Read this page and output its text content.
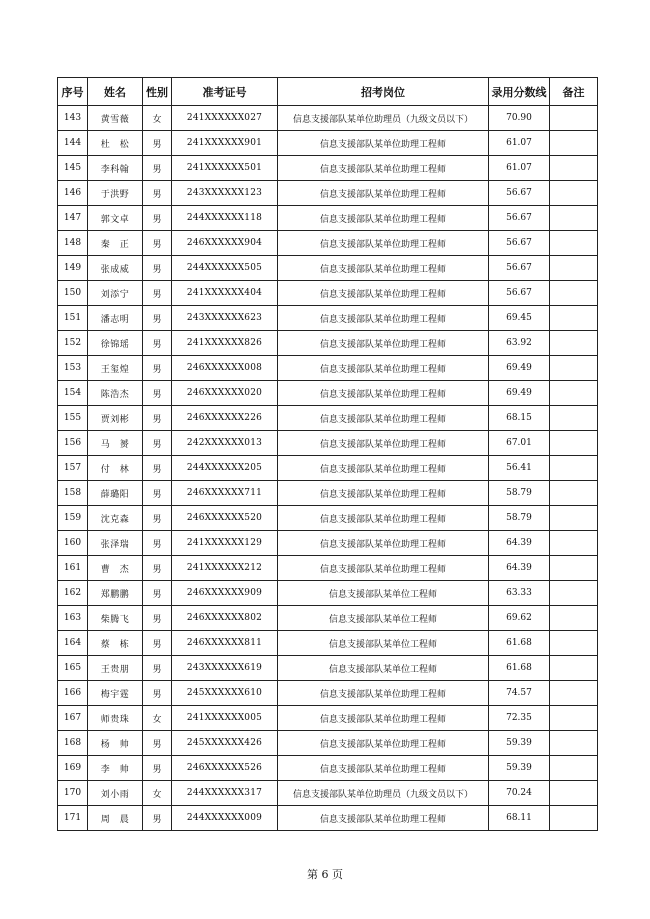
序号	姓名	性别	准考证号	招考岗位	录用分数线	备注
143	黄雪薇	女	241XXXXXX027	信息支援部队某单位助理员（九级文员以下）	70.90	
144	杜　松	男	241XXXXXX901	信息支援部队某单位助理工程师	61.07	
145	李科翰	男	241XXXXXX501	信息支援部队某单位助理工程师	61.07	
146	于洪野	男	243XXXXXX123	信息支援部队某单位助理工程师	56.67	
147	郭文卓	男	244XXXXXX118	信息支援部队某单位助理工程师	56.67	
148	秦　正	男	246XXXXXX904	信息支援部队某单位助理工程师	56.67	
149	张成威	男	244XXXXXX505	信息支援部队某单位助理工程师	56.67	
150	刘添宁	男	241XXXXXX404	信息支援部队某单位助理工程师	56.67	
151	潘志明	男	243XXXXXX623	信息支援部队某单位助理工程师	69.45	
152	徐锦瑶	男	241XXXXXX826	信息支援部队某单位助理工程师	63.92	
153	王玺煌	男	246XXXXXX008	信息支援部队某单位助理工程师	69.49	
154	陈浩杰	男	246XXXXXX020	信息支援部队某单位助理工程师	69.49	
155	贾刘彬	男	246XXXXXX226	信息支援部队某单位助理工程师	68.15	
156	马　赟	男	242XXXXXX013	信息支援部队某单位助理工程师	67.01	
157	付　林	男	244XXXXXX205	信息支援部队某单位助理工程师	56.41	
158	薛璐阳	男	246XXXXXX711	信息支援部队某单位助理工程师	58.79	
159	沈克森	男	246XXXXXX520	信息支援部队某单位助理工程师	58.79	
160	张泽瑞	男	241XXXXXX129	信息支援部队某单位助理工程师	64.39	
161	曹　杰	男	241XXXXXX212	信息支援部队某单位助理工程师	64.39	
162	郑鹏鹏	男	246XXXXXX909	信息支援部队某单位工程师	63.33	
163	柴腾飞	男	246XXXXXX802	信息支援部队某单位工程师	69.62	
164	蔡　栋	男	246XXXXXX811	信息支援部队某单位工程师	61.68	
165	王贵朋	男	243XXXXXX619	信息支援部队某单位工程师	61.68	
166	梅宇霆	男	245XXXXXX610	信息支援部队某单位助理工程师	74.57	
167	师贵珠	女	241XXXXXX005	信息支援部队某单位助理工程师	72.35	
168	杨　帅	男	245XXXXXX426	信息支援部队某单位助理工程师	59.39	
169	李　帅	男	246XXXXXX526	信息支援部队某单位助理工程师	59.39	
170	刘小雨	女	244XXXXXX317	信息支援部队某单位助理员（九级文员以下）	70.24	
171	周　晨	男	244XXXXXX009	信息支援部队某单位助理工程师	68.11	
第 6 页
